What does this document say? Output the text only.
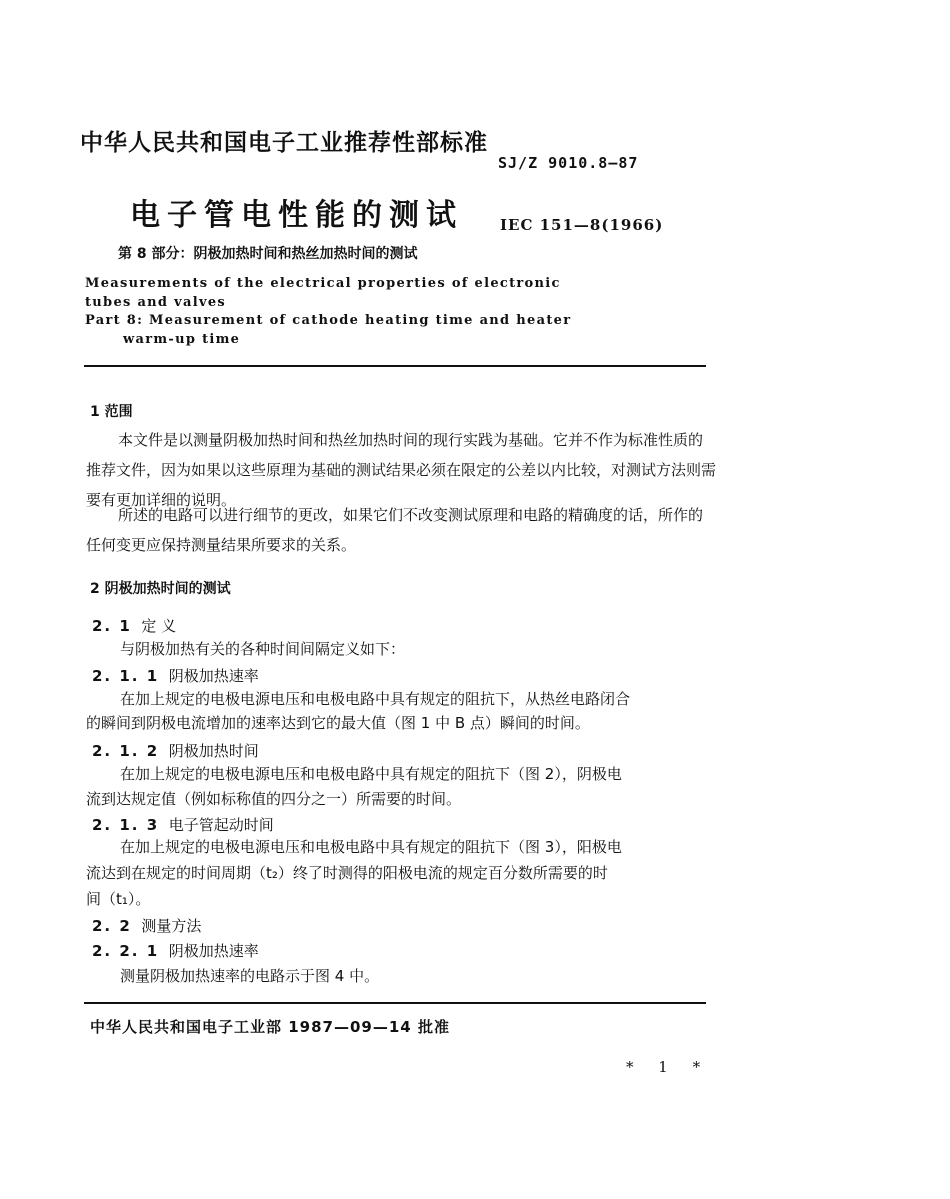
中华人民共和国电子工业推荐性部标准
SJ/Z 9010.8—87
电子管电性能的测试 IEC 151—8(1966)
第 8 部分：阴极加热时间和热丝加热时间的测试
Measurements of the electrical properties of electronic
tubes and valves
Part 8: Measurement of cathode heating time and heater
warm-up time
1 范围
本文件是以测量阴极加热时间和热丝加热时间的现行实践为基础。它并不作为标准性质的推荐文件，因为如果以这些原理为基础的测试结果必须在限定的公差以内比较，对测试方法则需要有更加详细的说明。
所述的电路可以进行细节的更改，如果它们不改变测试原理和电路的精确度的话，所作的任何变更应保持测量结果所要求的关系。
2 阴极加热时间的测试
2. 1 定 义
与阴极加热有关的各种时间间隔定义如下：
2. 1. 1 阴极加热速率
在加上规定的电极电源电压和电极电路中具有规定的阻抗下，从热丝电路闭合
的瞬间到阴极电流增加的速率达到它的最大值（图 1 中 B 点）瞬间的时间。
2. 1. 2 阴极加热时间
在加上规定的电极电源电压和电极电路中具有规定的阻抗下（图 2），阴极电
流到达规定值（例如标称值的四分之一）所需要的时间。
2. 1. 3 电子管起动时间
在加上规定的电极电源电压和电极电路中具有规定的阻抗下（图 3），阳极电
流达到在规定的时间周期（t₂）终了时测得的阳极电流的规定百分数所需要的时
间（t₁）。
2. 2 测量方法
2. 2. 1 阴极加热速率
测量阴极加热速率的电路示于图 4 中。
中华人民共和国电子工业部 1987—09—14 批准
* 1 *
